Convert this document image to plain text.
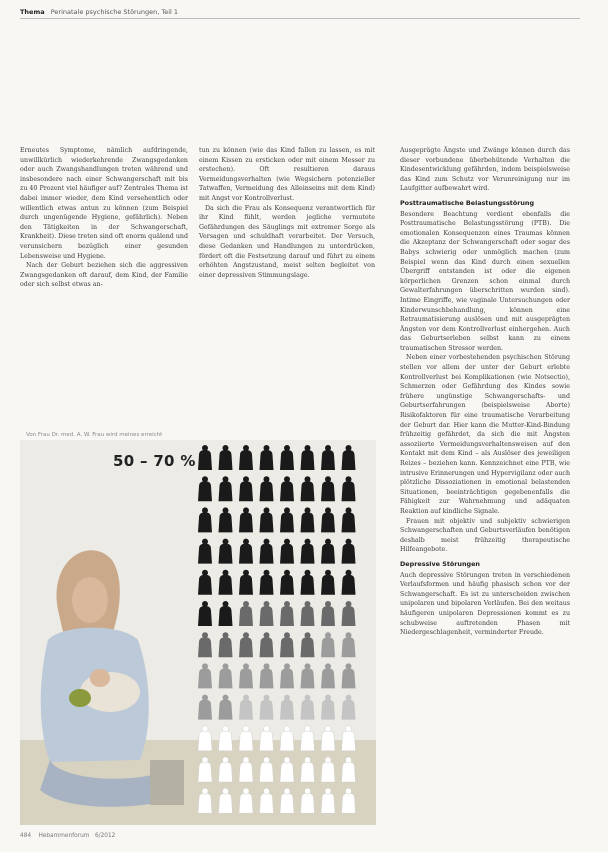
Thema Perinatale psychische Störungen, Teil 1

Erneutes Symptome, nämlich aufdringende, unwillkürlich wiederkehrende Zwangsgedanken oder auch Zwangshandlungen treten während und insbesondere nach einer Schwangerschaft mit bis zu 40 Prozent viel häufiger auf? Zentrales Thema ist dabei immer wieder, dem Kind versehentlich oder willentlich etwas antun zu können (zum Beispiel durch ungenügende Hygiene, gefährlich). Neben den Tätigkeiten in der Schwangerschaft, Krankheit). Diese treten sind oft enorm quälend und verunsichern bezüglich einer gesunden Lebensweise und Hygiene.

Nach der Geburt beziehen sich die aggressiven Zwangsgedanken oft darauf, dem Kind, der Familie oder sich selbst etwas an-

tun zu können (wie das Kind fallen zu lassen, es mit einem Kissen zu ersticken oder mit einem Messer zu erstechen). Oft resultieren daraus Vermeidungsverhalten (wie Wegsichern potenzieller Tatwaffen, Vermeidung des Alleinseins mit dem Kind) mit Angst vor Kontrollverlust.

Da sich die Frau als Konsequenz verantwortlich für ihr Kind fühlt, werden jegliche vermutete Gefährdungen des Säuglings mit extremer Sorge als Versagen und schuldhaft verarbeitet. Der Versuch, diese Gedanken und Handlungen zu unterdrücken, fördert oft die Festsetzung darauf und führt zu einem erhöhten Angstzustand, meist selten begleitet von einer depressiven Stimmungslage.

Ausgeprägte Ängste und Zwänge können durch das dieser vorbundene überbehütende Verhalten die Kindesentwicklung gefährden, indem beispielsweise das Kind zum Schutz vor Verunreinigung nur im Laufgitter aufbewahrt wird.

Posttraumatische Belastungsstörung

Besondere Beachtung verdient ebenfalls die Posttraumatische Belastungsstörung (PTB). Die emotionalen Konsequenzen eines Traumas können die Akzeptanz der Schwangerschaft oder sogar des Babys schwierig oder unmöglich machen (zum Beispiel wenn das Kind durch einen sexuellen Übergriff entstanden ist oder die eigenen körperlichen Grenzen schon einmal durch Gewalterfahrungen überschritten wurden sind). Intime Eingriffe, wie vaginale Untersuchungen oder Kinderwunschbehandlung, können eine Retraumatisierung auslösen und mit ausgeprägten Ängsten vor dem Kontrollverlust einhergehen. Auch das Geburtserleben selbst kann zu einem traumatischen Stressor werden.

Neben einer vorbestehenden psychischen Störung stellen vor allem der unter der Geburt erlebte Kontrollverlust bei Komplikationen (wie Notsectio), Schmerzen oder Gefährdung des Kindes sowie frühere ungünstige Schwangerschafts- und Geburtserfahrungen (beispielsweise Aborte) Risikofaktoren für eine traumatische Verarbeitung der Geburt dar. Hier kann die Mutter-Kind-Bindung frühzeitig gefährdet, da sich die mit Ängsten assoziierte Vermeidungsverhaltensweisen auf den Kontakt mit dem Kind – als Auslöser des jeweiligen Reizes – beziehen kann. Kennzeichnet eine PTB, wie intrusive Erinnerungen und Hypervigilanz oder auch plötzliche Dissoziationen in emotional belastenden Situationen, beeinträchtigen gegebenenfalls die Fähigkeit zur Wahrnehmung und adäquaten Reaktion auf kindliche Signale.

Frauen mit objektiv und subjektiv schwierigen Schwangerschaften und Geburtsverläufen benötigen deshalb meist frühzeitig therapeutische Hilfeangebote.

Depressive Störungen

Auch depressive Störungen treten in verschiedenen Verlaufsformen und häufig phasisch schon vor der Schwangerschaft. Es ist zu unterscheiden zwischen unipolaren und bipolaren Verläufen. Bei den weitaus häufigeren unipolaren Depressionen kommt es zu schubweise auftretenden Phasen mit Niedergeschlagenheit, verminderter Freude.

Von Frau Dr. med. A. W. Frau wird meines erreicht
50 – 70 %
484 Hebammenforum 6/2012
